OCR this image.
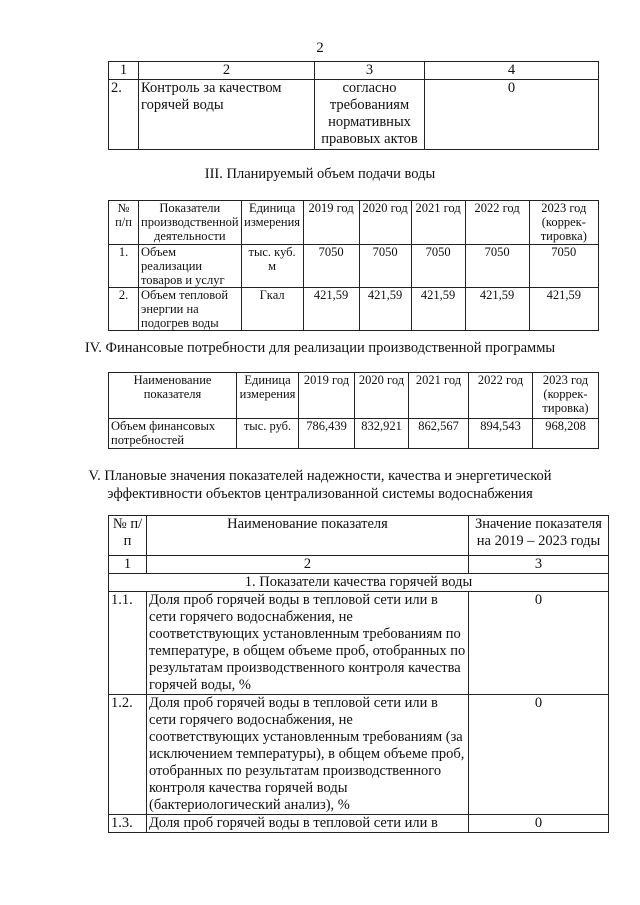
2
1	2	3	4
2.	Контроль за качеством горячей воды	согласно требованиям нормативных правовых актов	0
III. Планируемый объем подачи воды
№ п/п	Показатели производственной деятельности	Единица измерения	2019 год	2020 год	2021 год	2022 год	2023 год (коррек-тировка)
1.	Объем реализации товаров и услуг	тыс. куб. м	7050	7050	7050	7050	7050
2.	Объем тепловой энергии на подогрев воды	Гкал	421,59	421,59	421,59	421,59	421,59
IV. Финансовые потребности для реализации производственной программы
Наименование показателя	Единица измерения	2019 год	2020 год	2021 год	2022 год	2023 год (коррек-тировка)
Объем финансовых потребностей	тыс. руб.	786,439	832,921	862,567	894,543	968,208
V. Плановые значения показателей надежности, качества и энергетической
эффективности объектов централизованной системы водоснабжения
№ п/п	Наименование показателя	Значение показателя на 2019 – 2023 годы
1	2	3
1. Показатели качества горячей воды		
1.1.	Доля проб горячей воды в тепловой сети или в сети горячего водоснабжения, не соответствующих установленным требованиям по температуре, в общем объеме проб, отобранных по результатам производственного контроля качества горячей воды, %	0
1.2.	Доля проб горячей воды в тепловой сети или в сети горячего водоснабжения, не соответствующих установленным требованиям (за исключением температуры), в общем объеме проб, отобранных по результатам производственного контроля качества горячей воды (бактериологический анализ), %	0
1.3.	Доля проб горячей воды в тепловой сети или в	0
